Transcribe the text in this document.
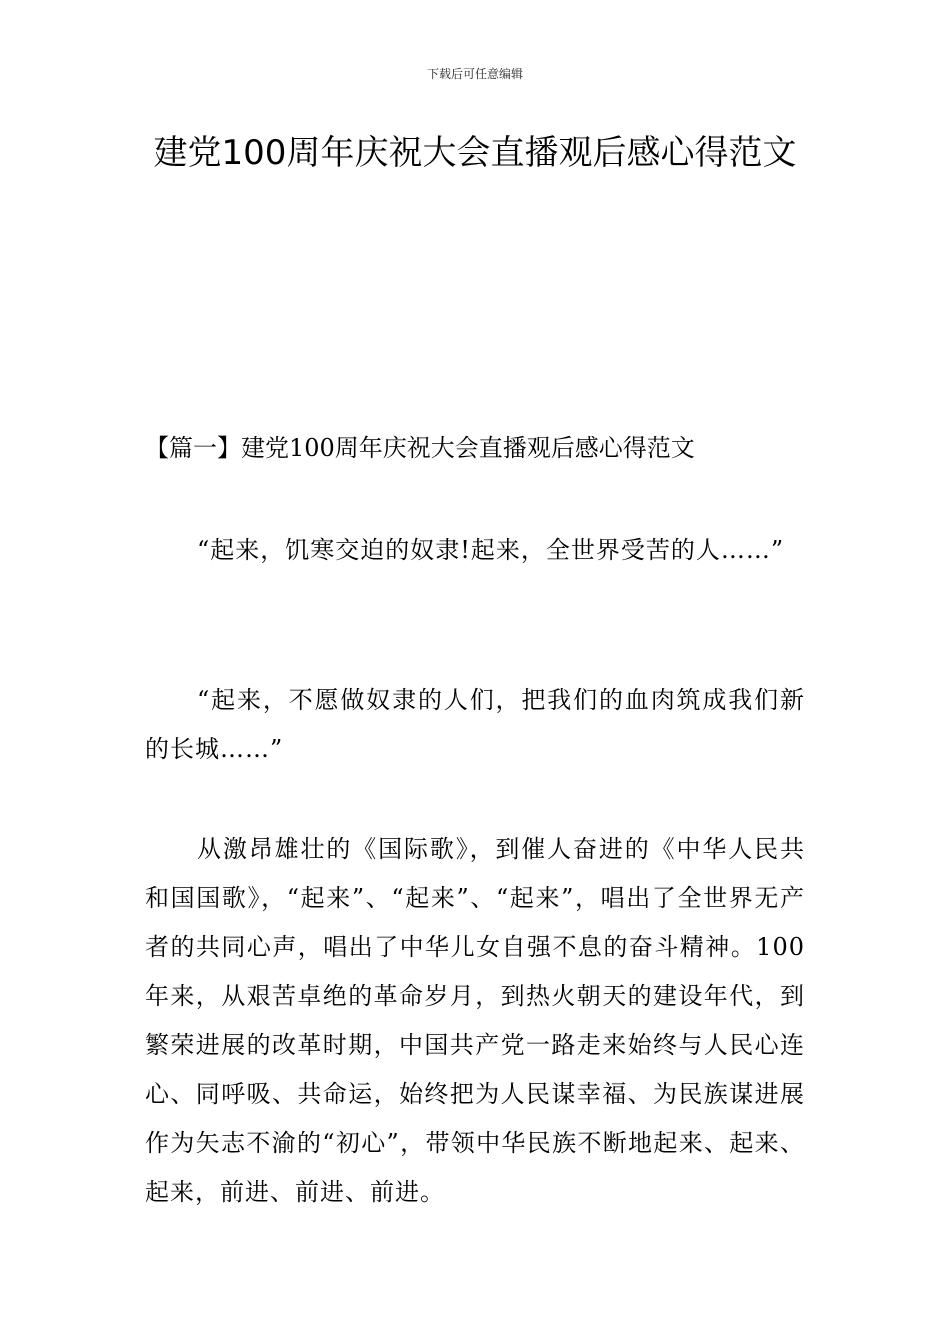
下载后可任意编辑
建党100周年庆祝大会直播观后感心得范文
【篇一】建党100周年庆祝大会直播观后感心得范文

“起来，饥寒交迫的奴隶!起来，全世界受苦的人……”

“起来，不愿做奴隶的人们，把我们的血肉筑成我们新的长城……”

从激昂雄壮的《国际歌》，到催人奋进的《中华人民共和国国歌》，“起来”、“起来”、“起来”，唱出了全世界无产者的共同心声，唱出了中华儿女自强不息的奋斗精神。100年来，从艰苦卓绝的革命岁月，到热火朝天的建设年代，到繁荣进展的改革时期，中国共产党一路走来始终与人民心连心、同呼吸、共命运，始终把为人民谋幸福、为民族谋进展作为矢志不渝的“初心”，带领中华民族不断地起来、起来、起来，前进、前进、前进。
